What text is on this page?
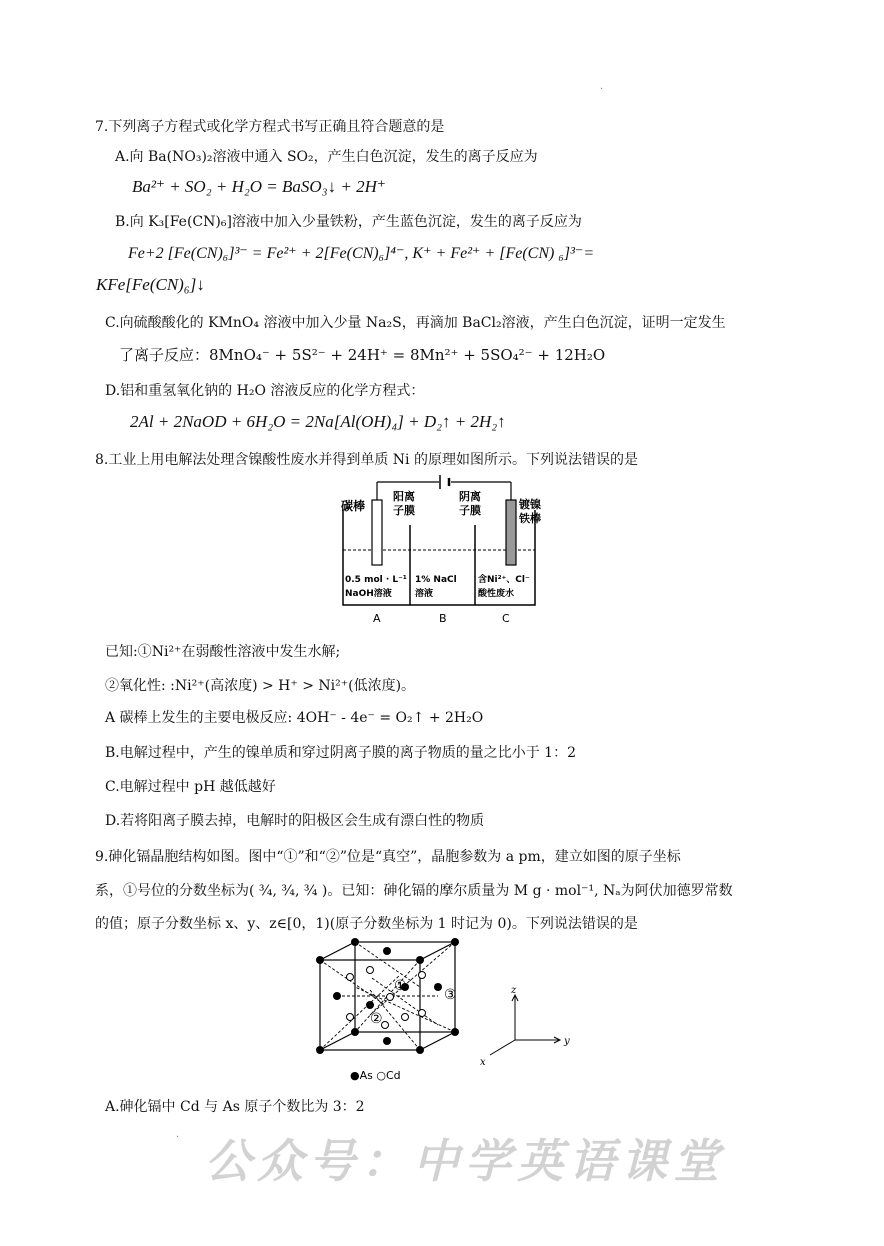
·
7.下列离子方程式或化学方程式书写正确且符合题意的是
A.向 Ba(NO₃)₂溶液中通入 SO₂，产生白色沉淀，发生的离子反应为
Ba²⁺ + SO₂ + H₂O = BaSO₃↓ + 2H⁺
B.向 K₃[Fe(CN)₆]溶液中加入少量铁粉，产生蓝色沉淀，发生的离子反应为
Fe+2 [Fe(CN)₆]³⁻ = Fe²⁺ + 2[Fe(CN)₆]⁴⁻, K⁺ + Fe²⁺ + [Fe(CN) ₆]³⁻=
KFe[Fe(CN)₆]↓
C.向硫酸酸化的 KMnO₄ 溶液中加入少量 Na₂S，再滴加 BaCl₂溶液，产生白色沉淀，证明一定发生
了离子反应：8MnO₄⁻ + 5S²⁻ + 24H⁺ = 8Mn²⁺ + 5SO₄²⁻ + 12H₂O
D.铝和重氢氧化钠的 H₂O 溶液反应的化学方程式：
2Al + 2NaOD + 6H₂O = 2Na[Al(OH)₄] + D₂↑ + 2H₂↑
8.工业上用电解法处理含镍酸性废水并得到单质 Ni 的原理如图所示。下列说法错误的是
碳棒
阳离
子膜
阴离
子膜	镀镍
铁棒
0.5 mol · L⁻¹
NaOH溶液
1% NaCl
溶液
含Ni²⁺、Cl⁻
酸性废水
A	B	C
已知:①Ni²⁺在弱酸性溶液中发生水解;
②氧化性: :Ni²⁺(高浓度) > H⁺ > Ni²⁺(低浓度)。
A 碳棒上发生的主要电极反应: 4OH⁻ - 4e⁻ = O₂↑ + 2H₂O
B.电解过程中，产生的镍单质和穿过阴离子膜的离子物质的量之比小于 1：2
C.电解过程中 pH 越低越好
D.若将阳离子膜去掉，电解时的阳极区会生成有漂白性的物质
9.砷化镉晶胞结构如图。图中“①”和“②”位是“真空”，晶胞参数为 a pm，建立如图的原子坐标
系，①号位的分数坐标为( ¾, ¾, ¾ )。已知：砷化镉的摩尔质量为 M g · mol⁻¹, Nₐ为阿伏加德罗常数
的值；原子分数坐标 x、y、z∈[0，1)(原子分数坐标为 1 时记为 0)。下列说法错误的是
①
②
③
●As ○Cd
z
y
x
A.砷化镉中 Cd 与 As 原子个数比为 3：2
· 公众号：中学英语课堂
